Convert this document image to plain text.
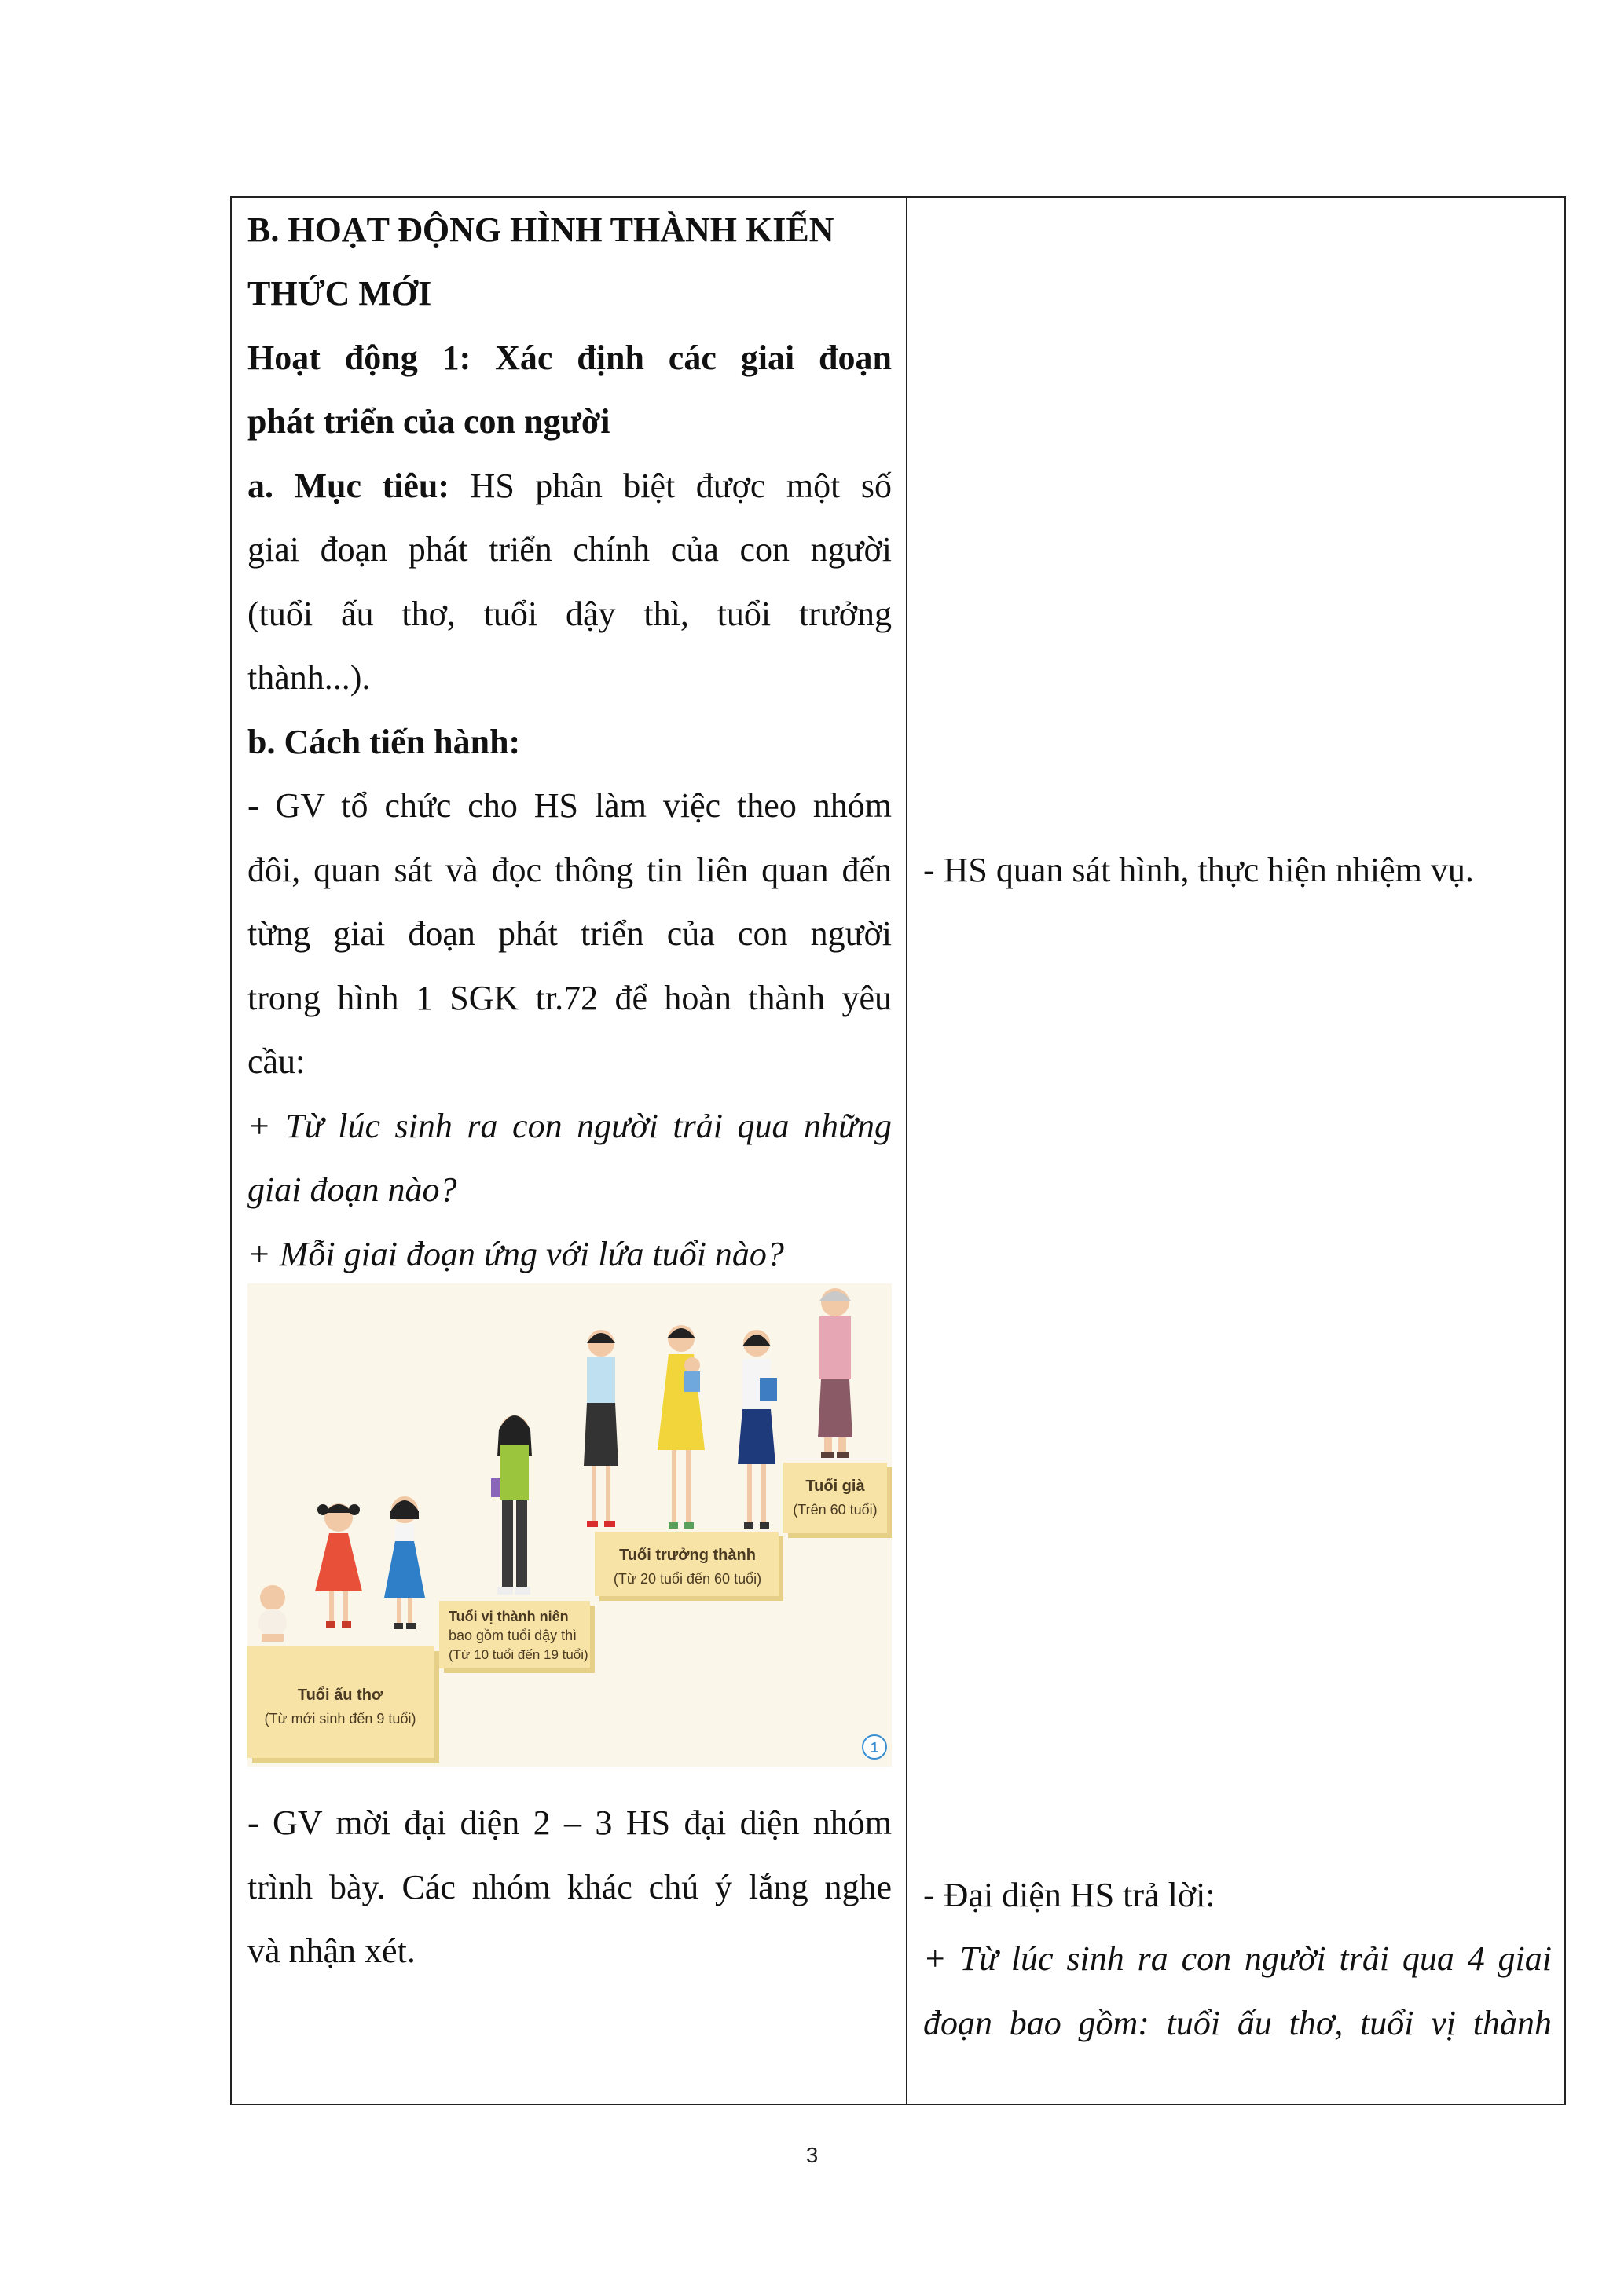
B. HOẠT ĐỘNG HÌNH THÀNH KIẾN
THỨC MỚI
Hoạt động 1: Xác định các giai đoạn
phát triển của con người
a. Mục tiêu: HS phân biệt được một số
giai đoạn phát triển chính của con người
(tuổi ấu thơ, tuổi dậy thì, tuổi trưởng
thành...).
b. Cách tiến hành:
- GV tổ chức cho HS làm việc theo nhóm
đôi, quan sát và đọc thông tin liên quan đến
từng giai đoạn phát triển của con người
trong hình 1 SGK tr.72 để hoàn thành yêu
cầu:
+ Từ lúc sinh ra con người trải qua những
giai đoạn nào?
+ Mỗi giai đoạn ứng với lứa tuổi nào?
- GV mời đại diện 2 – 3 HS đại diện nhóm
trình bày. Các nhóm khác chú ý lắng nghe
và nhận xét.
Tuổi ấu thơ
(Từ mới sinh đến 9 tuổi)
Tuổi vị thành niên
bao gồm tuổi dậy thì
(Từ 10 tuổi đến 19 tuổi)
Tuổi trưởng thành
(Từ 20 tuổi đến 60 tuổi)
Tuổi già
(Trên 60 tuổi)
1
- HS quan sát hình, thực hiện nhiệm vụ.
- Đại diện HS trả lời:
+ Từ lúc sinh ra con người trải qua 4 giai
đoạn bao gồm: tuổi ấu thơ, tuổi vị thành
3
